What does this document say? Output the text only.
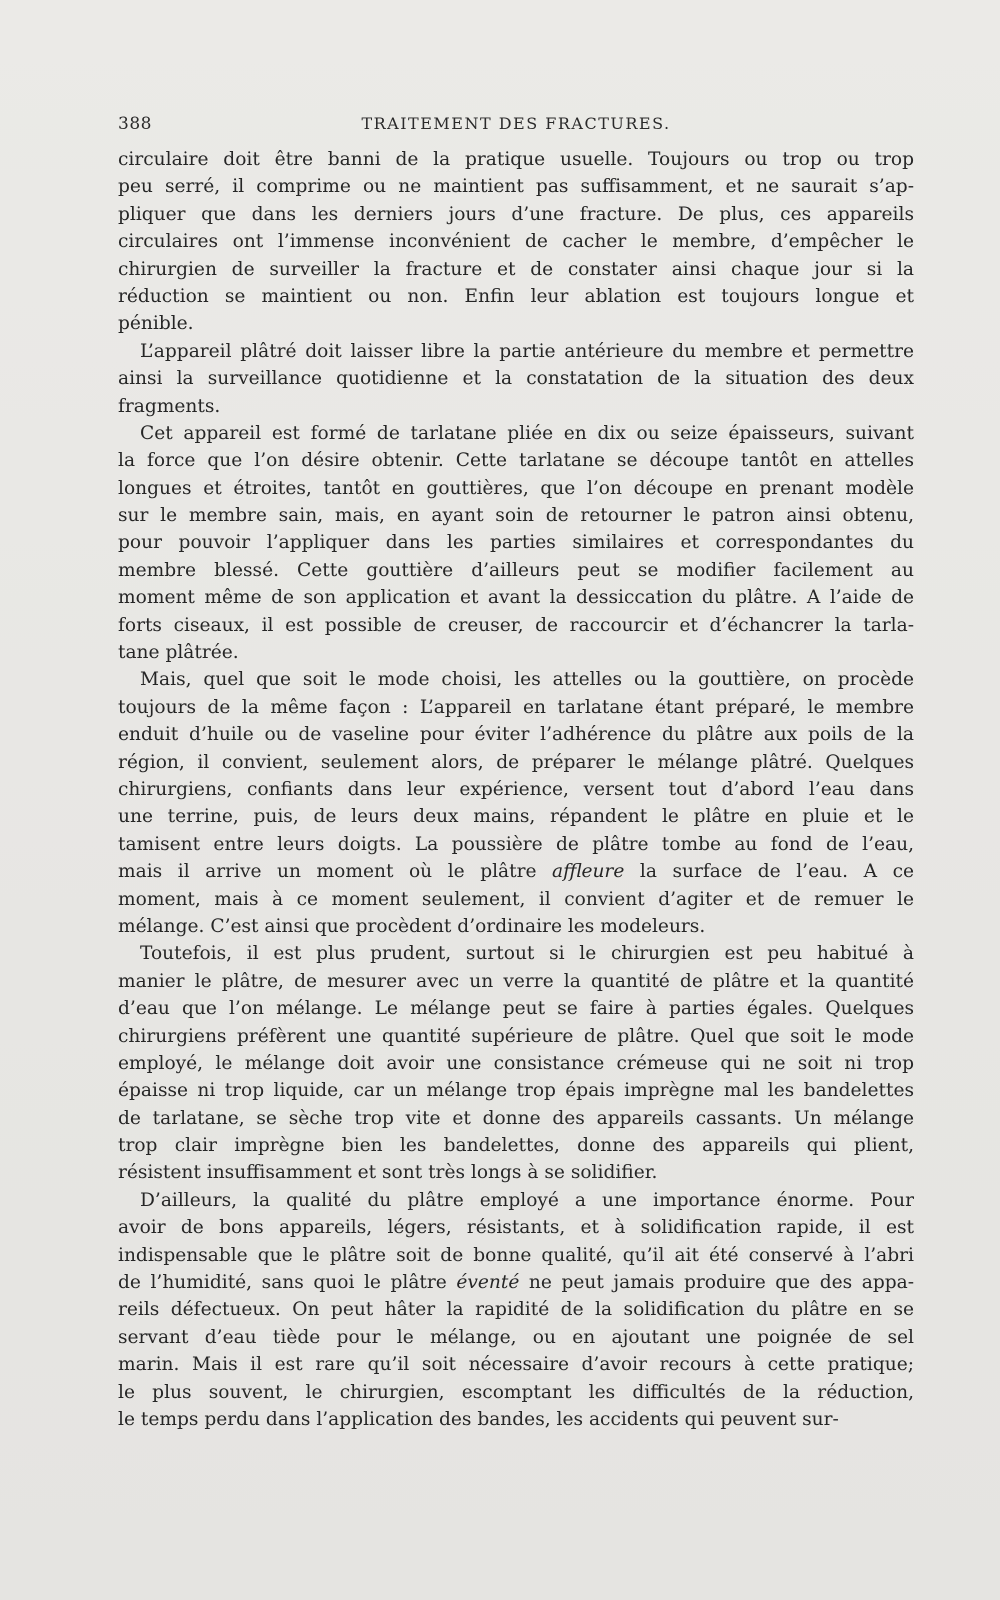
388	TRAITEMENT DES FRACTURES.
circulaire doit être banni de la pratique usuelle. Toujours ou trop ou trop
peu serré, il comprime ou ne maintient pas suffisamment, et ne saurait s’ap-
pliquer que dans les derniers jours d’une fracture. De plus, ces appareils
circulaires ont l’immense inconvénient de cacher le membre, d’empêcher le
chirurgien de surveiller la fracture et de constater ainsi chaque jour si la
réduction se maintient ou non. Enfin leur ablation est toujours longue et
pénible.
L’appareil plâtré doit laisser libre la partie antérieure du membre et permettre
ainsi la surveillance quotidienne et la constatation de la situation des deux
fragments.
Cet appareil est formé de tarlatane pliée en dix ou seize épaisseurs, suivant
la force que l’on désire obtenir. Cette tarlatane se découpe tantôt en attelles
longues et étroites, tantôt en gouttières, que l’on découpe en prenant modèle
sur le membre sain, mais, en ayant soin de retourner le patron ainsi obtenu,
pour pouvoir l’appliquer dans les parties similaires et correspondantes du
membre blessé. Cette gouttière d’ailleurs peut se modifier facilement au
moment même de son application et avant la dessiccation du plâtre. A l’aide de
forts ciseaux, il est possible de creuser, de raccourcir et d’échancrer la tarla-
tane plâtrée.
Mais, quel que soit le mode choisi, les attelles ou la gouttière, on procède
toujours de la même façon : L’appareil en tarlatane étant préparé, le membre
enduit d’huile ou de vaseline pour éviter l’adhérence du plâtre aux poils de la
région, il convient, seulement alors, de préparer le mélange plâtré. Quelques
chirurgiens, confiants dans leur expérience, versent tout d’abord l’eau dans
une terrine, puis, de leurs deux mains, répandent le plâtre en pluie et le
tamisent entre leurs doigts. La poussière de plâtre tombe au fond de l’eau,
mais il arrive un moment où le plâtre affleure la surface de l’eau. A ce
moment, mais à ce moment seulement, il convient d’agiter et de remuer le
mélange. C’est ainsi que procèdent d’ordinaire les modeleurs.
Toutefois, il est plus prudent, surtout si le chirurgien est peu habitué à
manier le plâtre, de mesurer avec un verre la quantité de plâtre et la quantité
d’eau que l’on mélange. Le mélange peut se faire à parties égales. Quelques
chirurgiens préfèrent une quantité supérieure de plâtre. Quel que soit le mode
employé, le mélange doit avoir une consistance crémeuse qui ne soit ni trop
épaisse ni trop liquide, car un mélange trop épais imprègne mal les bandelettes
de tarlatane, se sèche trop vite et donne des appareils cassants. Un mélange
trop clair imprègne bien les bandelettes, donne des appareils qui plient,
résistent insuffisamment et sont très longs à se solidifier.
D’ailleurs, la qualité du plâtre employé a une importance énorme. Pour
avoir de bons appareils, légers, résistants, et à solidification rapide, il est
indispensable que le plâtre soit de bonne qualité, qu’il ait été conservé à l’abri
de l’humidité, sans quoi le plâtre éventé ne peut jamais produire que des appa-
reils défectueux. On peut hâter la rapidité de la solidification du plâtre en se
servant d’eau tiède pour le mélange, ou en ajoutant une poignée de sel
marin. Mais il est rare qu’il soit nécessaire d’avoir recours à cette pratique;
le plus souvent, le chirurgien, escomptant les difficultés de la réduction,
le temps perdu dans l’application des bandes, les accidents qui peuvent sur-
